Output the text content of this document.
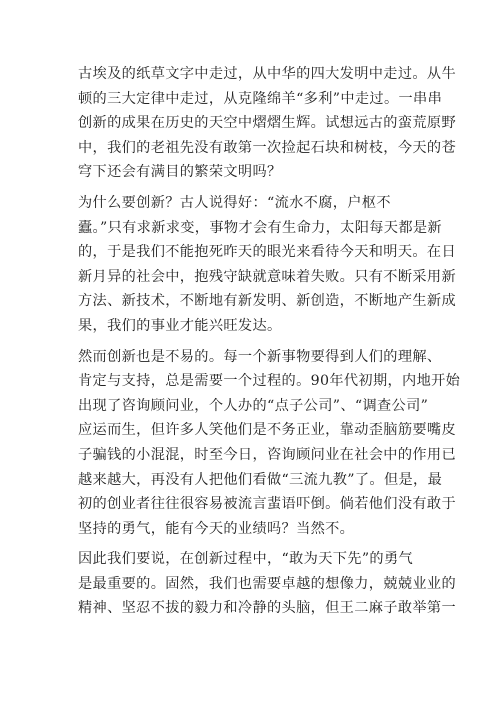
古埃及的纸草文字中走过，从中华的四大发明中走过。从牛
顿的三大定律中走过，从克隆绵羊“多利”中走过。一串串
创新的成果在历史的天空中熠熠生辉。试想远古的蛮荒原野
中，我们的老祖先没有敢第一次捡起石块和树枝，今天的苍
穹下还会有满目的繁荣文明吗？
为什么要创新？古人说得好：“流水不腐，户枢不
蠹。”只有求新求变，事物才会有生命力，太阳每天都是新
的，于是我们不能抱死昨天的眼光来看待今天和明天。在日
新月异的社会中，抱残守缺就意味着失败。只有不断采用新
方法、新技术，不断地有新发明、新创造，不断地产生新成
果，我们的事业才能兴旺发达。
然而创新也是不易的。每一个新事物要得到人们的理解、
肯定与支持，总是需要一个过程的。90年代初期，内地开始
出现了咨询顾问业，个人办的“点子公司”、“调查公司”
应运而生，但许多人笑他们是不务正业，靠动歪脑筋要嘴皮
子骗钱的小混混，时至今日，咨询顾问业在社会中的作用已
越来越大，再没有人把他们看做“三流九教”了。但是，最
初的创业者往往很容易被流言蜚语吓倒。倘若他们没有敢于
坚持的勇气，能有今天的业绩吗？当然不。
因此我们要说，在创新过程中，“敢为天下先”的勇气
是最重要的。固然，我们也需要卓越的想像力，兢兢业业的
精神、坚忍不拔的毅力和冷静的头脑，但王二麻子敢举第一
